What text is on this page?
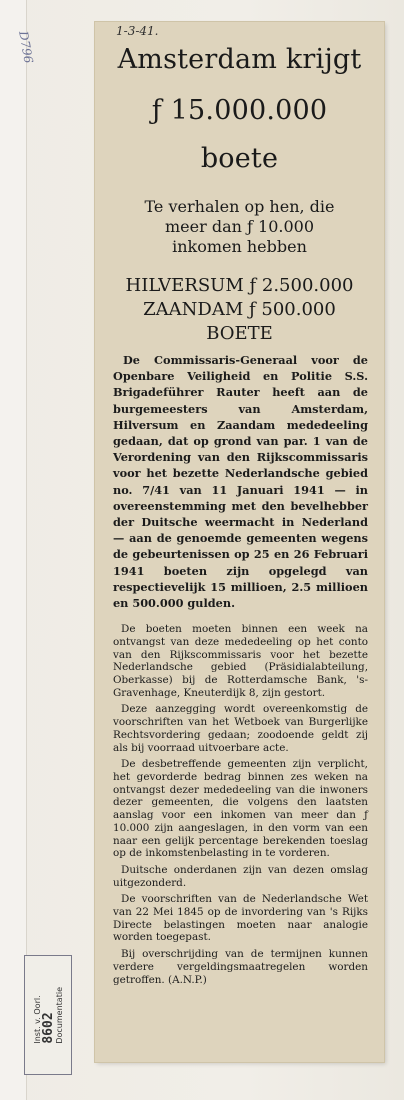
D796	1-3-41.
Amsterdam krijgt
ƒ 15.000.000
boete
Te verhalen op hen, die
meer dan ƒ 10.000
inkomen hebben
HILVERSUM ƒ 2.500.000
ZAANDAM ƒ 500.000
BOETE
De Commissaris-Generaal voor de Openbare Veiligheid en Politie S.S. Brigadeführer Rauter heeft aan de burgemeesters van Amsterdam, Hilversum en Zaandam mededeeling gedaan, dat op grond van par. 1 van de Verordening van den Rijkscommissaris voor het bezette Nederlandsche gebied no. 7/41 van 11 Januari 1941 — in overeenstemming met den bevelhebber der Duitsche weermacht in Nederland — aan de genoemde gemeenten wegens de gebeurtenissen op 25 en 26 Februari 1941 boeten zijn opgelegd van respectievelijk 15 millioen, 2.5 millioen en 500.000 gulden.

De boeten moeten binnen een week na ontvangst van deze mededeeling op het conto van den Rijkscommissaris voor het bezette Nederlandsche gebied (Präsidialabteilung, Oberkasse) bij de Rotterdamsche Bank, 's-Gravenhage, Kneuterdijk 8, zijn gestort.

Deze aanzegging wordt overeenkomstig de voorschriften van het Wetboek van Burgerlijke Rechtsvordering gedaan; zoodoende geldt zij als bij voorraad uitvoerbare acte.

De desbetreffende gemeenten zijn verplicht, het gevorderde bedrag binnen zes weken na ontvangst dezer mededeeling van die inwoners dezer gemeenten, die volgens den laatsten aanslag voor een inkomen van meer dan ƒ 10.000 zijn aangeslagen, in den vorm van een naar een gelijk percentage berekenden toeslag op de inkomstenbelasting in te vorderen.

Duitsche onderdanen zijn van dezen omslag uitgezonderd.

De voorschriften van de Nederlandsche Wet van 22 Mei 1845 op de invordering van 's Rijks Directe belastingen moeten naar analogie worden toegepast.

Bij overschrijding van de termijnen kunnen verdere vergeldingsmaatregelen worden getroffen. (A.N.P.)

Inst. v. Oorl.
8602
Documentatie
